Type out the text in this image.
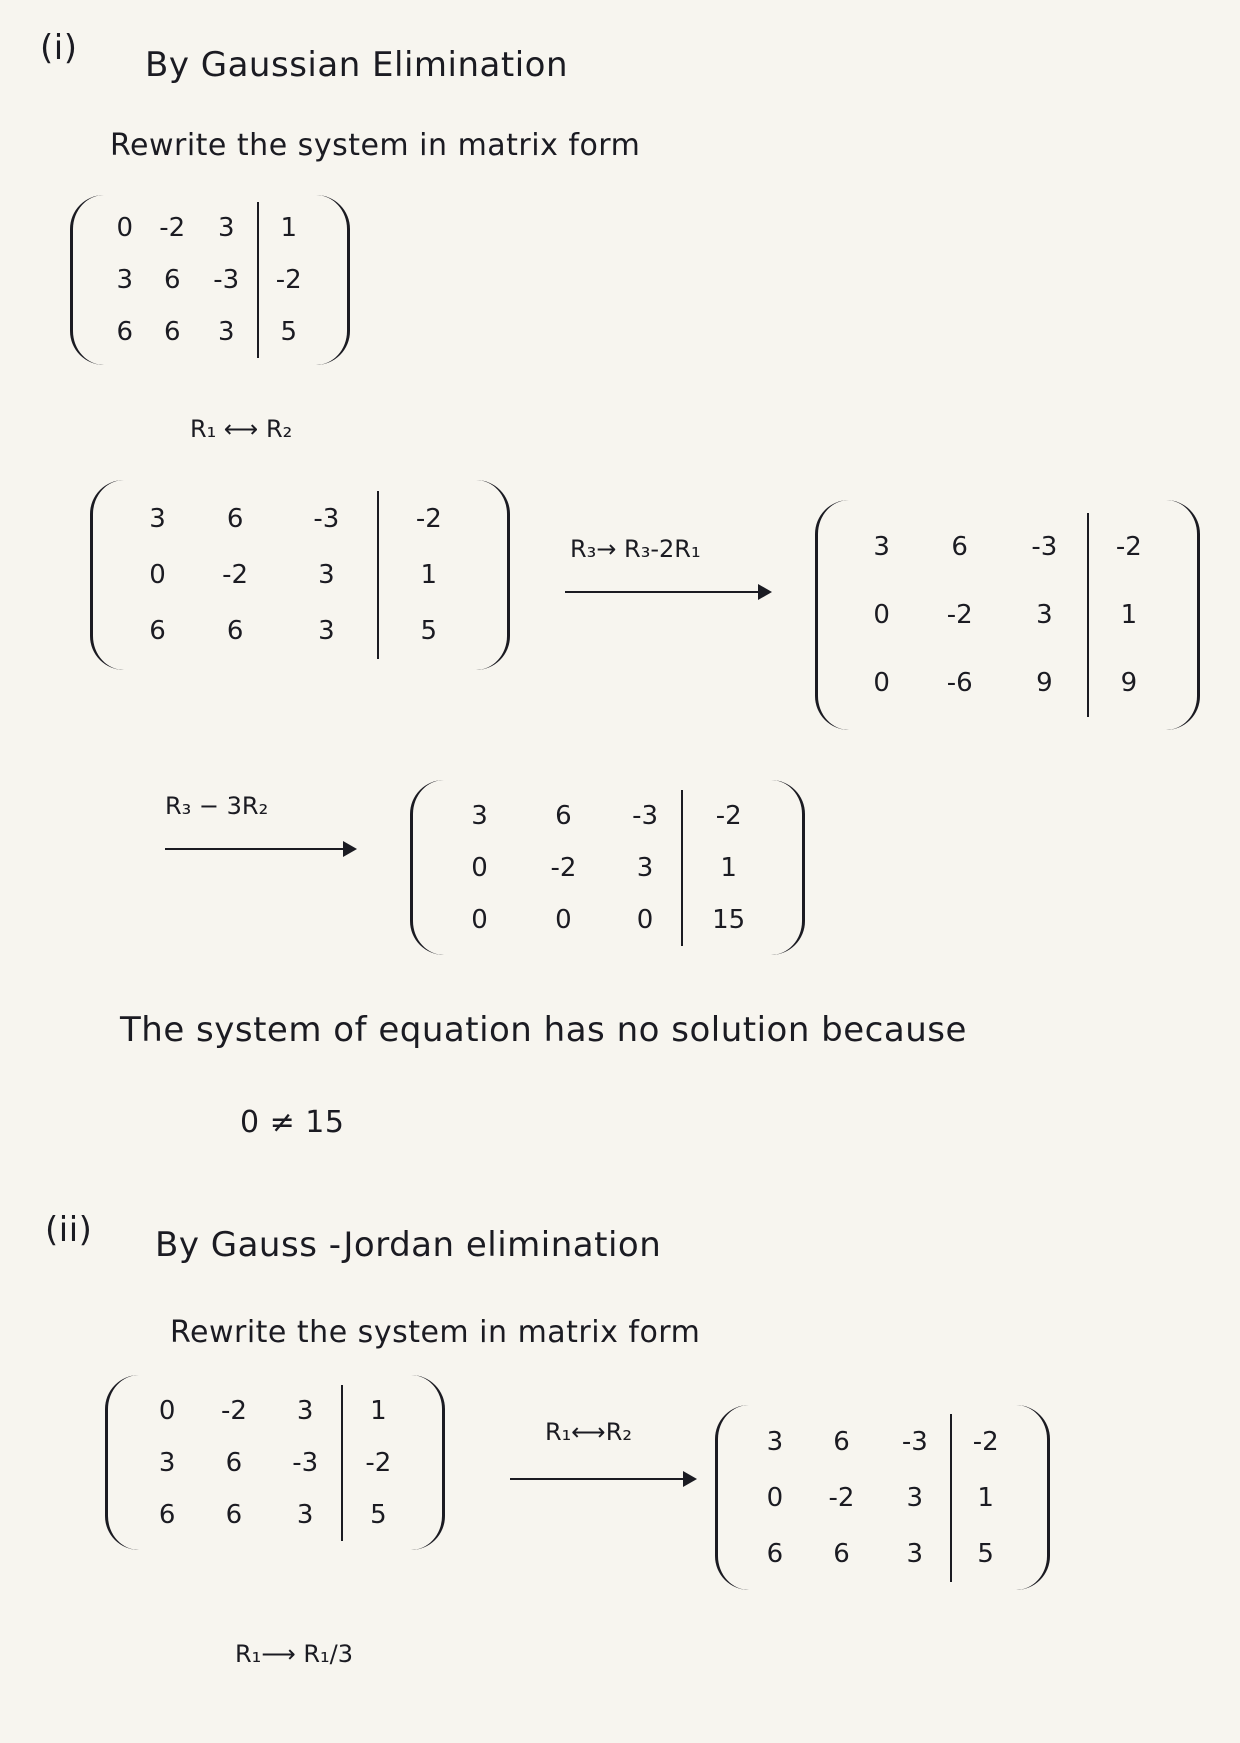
(i) By Gaussian Elimination
Rewrite the system in matrix form
0	-2	3	1
3	6	-3	-2
6	6	3	5
R₁ ⟷ R₂
3	6	-3	-2
0	-2	3	1
6	6	3	5
R₃→ R₃-2R₁	3	6	-3	-2
0	-2	3	1
0	-6	9	9
R₃ − 3R₂	3	6	-3	-2
0	-2	3	1
0	0	0	15
The system of equation has no solution because
0 ≠ 15
(ii) By Gauss -Jordan elimination
Rewrite the system in matrix form
0	-2	3	1
3	6	-3	-2
6	6	3	5
R₁⟷R₂	3	6	-3	-2
0	-2	3	1
6	6	3	5
R₁⟶ R₁/3
